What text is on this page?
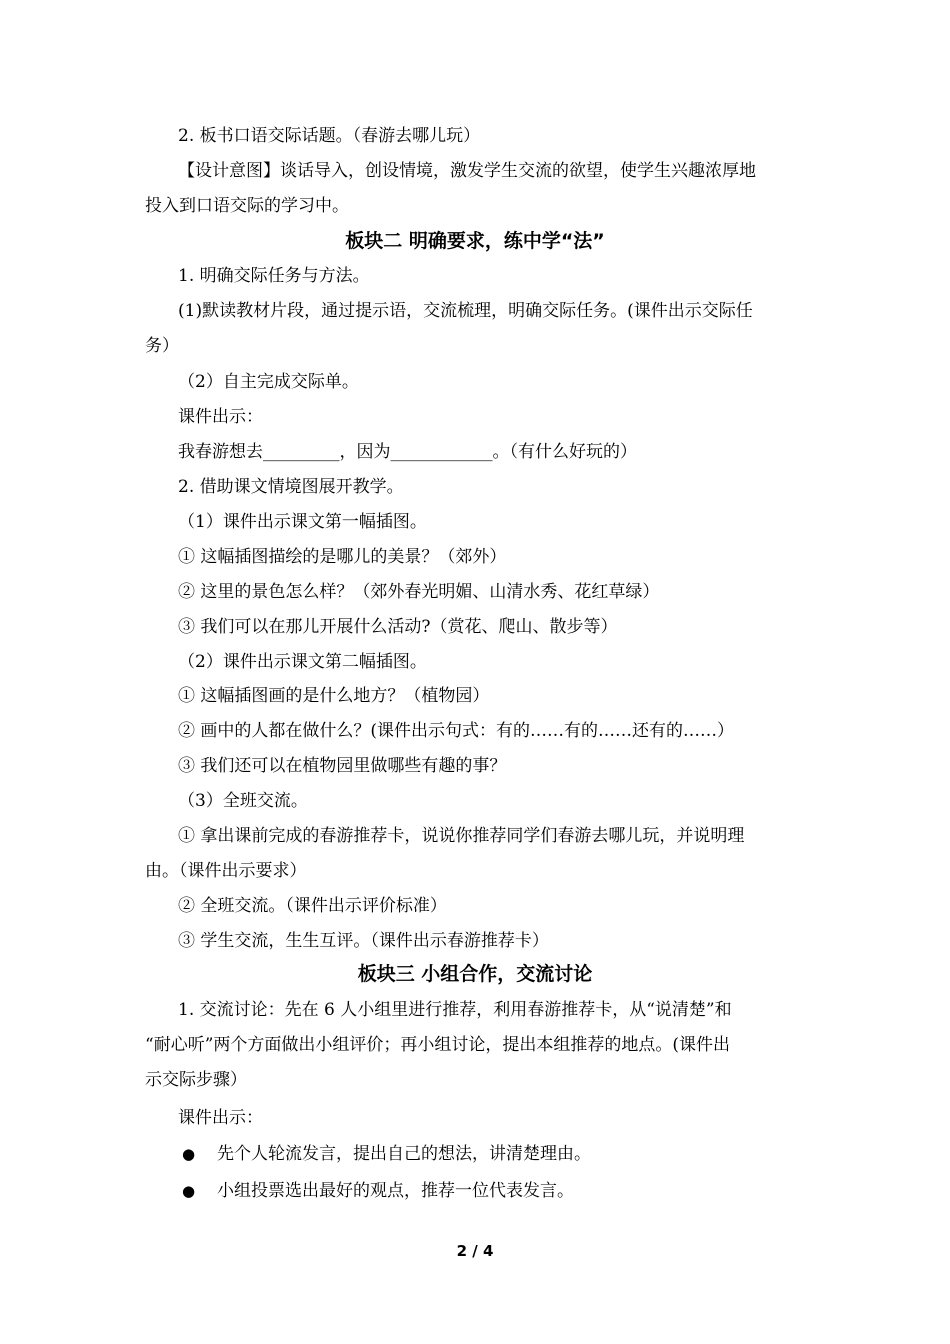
2. 板书口语交际话题。（春游去哪儿玩）
【设计意图】谈话导入，创设情境，激发学生交流的欲望，使学生兴趣浓厚地
投入到口语交际的学习中。
板块二 明确要求，练中学“法”
1. 明确交际任务与方法。
(1)默读教材片段，通过提示语，交流梳理，明确交际任务。(课件出示交际任
务）
（2）自主完成交际单。
课件出示：
我春游想去_________，因为____________。（有什么好玩的）
2. 借助课文情境图展开教学。
（1）课件出示课文第一幅插图。
① 这幅插图描绘的是哪儿的美景？（郊外）
② 这里的景色怎么样？（郊外春光明媚、山清水秀、花红草绿）
③ 我们可以在那儿开展什么活动?（赏花、爬山、散步等）
（2）课件出示课文第二幅插图。
① 这幅插图画的是什么地方？（植物园）
② 画中的人都在做什么？(课件出示句式：有的……有的……还有的……）
③ 我们还可以在植物园里做哪些有趣的事？
（3）全班交流。
① 拿出课前完成的春游推荐卡，说说你推荐同学们春游去哪儿玩，并说明理
由。（课件出示要求）
② 全班交流。（课件出示评价标准）
③ 学生交流，生生互评。（课件出示春游推荐卡）
板块三 小组合作，交流讨论
1. 交流讨论：先在 6 人小组里进行推荐，利用春游推荐卡，从“说清楚”和
“耐心听”两个方面做出小组评价；再小组讨论，提出本组推荐的地点。(课件出
示交际步骤）
课件出示：
● 先个人轮流发言，提出自己的想法，讲清楚理由。
● 小组投票选出最好的观点，推荐一位代表发言。
2 / 4
